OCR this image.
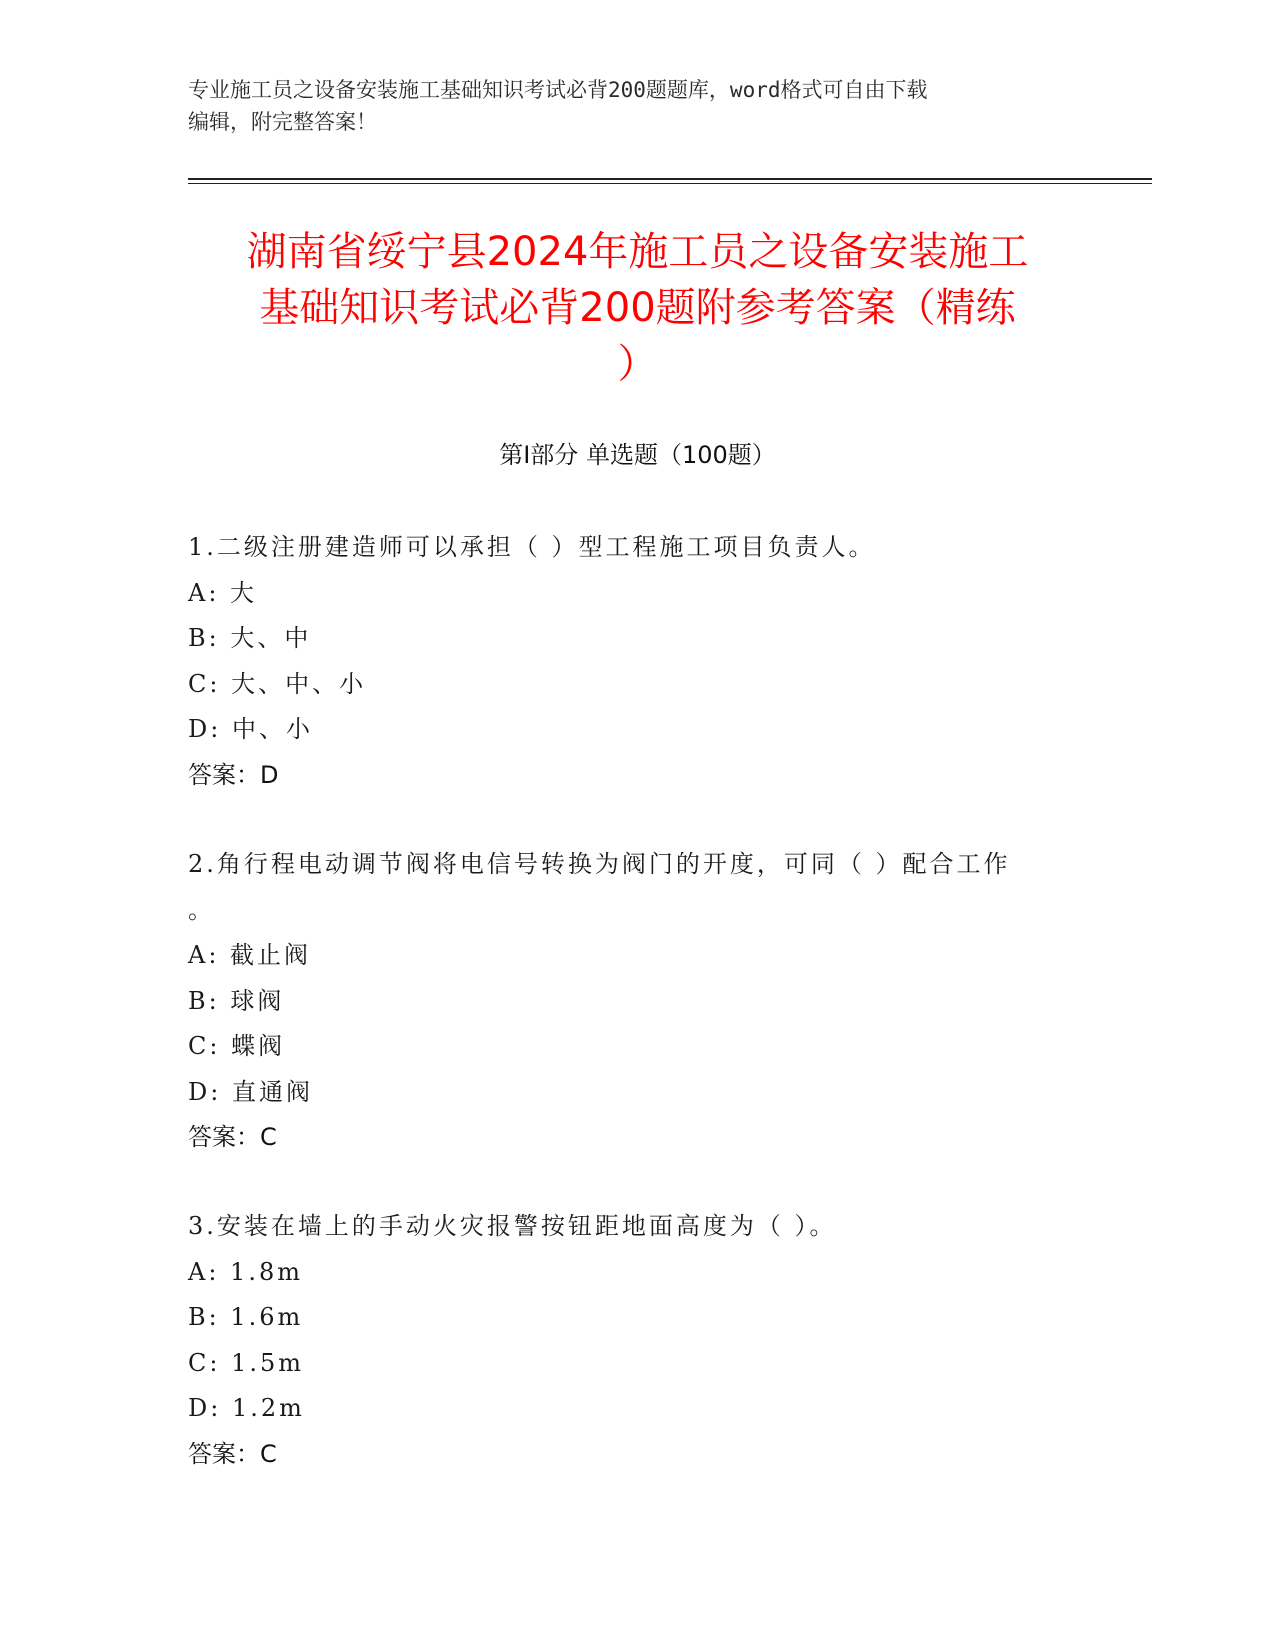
专业施工员之设备安装施工基础知识考试必背200题题库，word格式可自由下载
编辑，附完整答案！
湖南省绥宁县2024年施工员之设备安装施工
基础知识考试必背200题附参考答案（精练
）
第Ⅰ部分 单选题（100题）
1.二级注册建造师可以承担（ ）型工程施工项目负责人。
A: 大
B: 大、中
C: 大、中、小
D: 中、小
答案：D
2.角行程电动调节阀将电信号转换为阀门的开度，可同（ ）配合工作
。
A: 截止阀
B: 球阀
C: 蝶阀
D: 直通阀
答案：C
3.安装在墙上的手动火灾报警按钮距地面高度为（ ）。
A: 1.8m
B: 1.6m
C: 1.5m
D: 1.2m
答案：C
